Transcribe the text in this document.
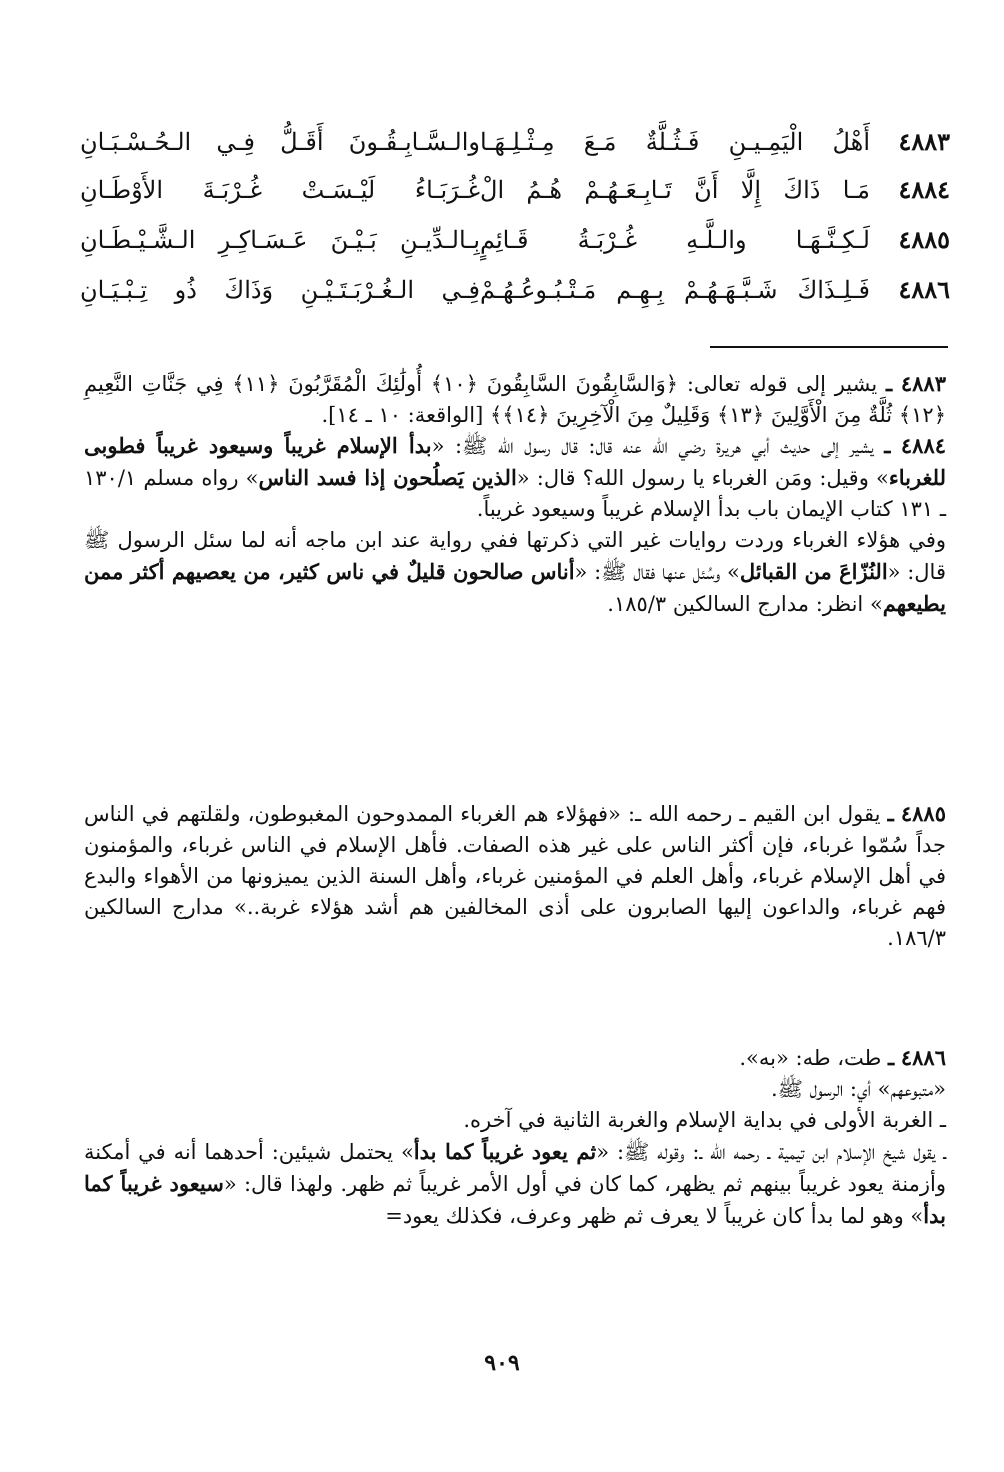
٤٨٨٣
أَهْلُ الْيَمِـيـنِ فَـثُـلَّةٌ مَـعَ مِـثْـلِـهَـا
والـسَّـابِـقُـونَ أَقَـلُّ فِـي الـحُـسْـبَـانِ
٤٨٨٤
مَـا ذَاكَ إِلَّا أَنَّ تَـابِـعَـهُـمْ هُـمُ الْ
غُـرَبَـاءُ لَيْـسَـتْ غُـرْبَـةَ الأَوْطَـانِ
٤٨٨٥
لَـكِـنَّـهَـا والـلَّـهِ غُـرْبَـةُ قَـائِمٍ
بِـالـدِّيـنِ بَـيْـنَ عَـسَـاكِـرِ الـشَّـيْـطَـانِ
٤٨٨٦
فَـلِـذَاكَ شَـبَّـهَـهُـمْ بِـهِـم مَـتْـبُـوعُـهُـمْ
فِـي الـغُـرْبَـتَـيْـنِ وَذَاكَ ذُو تِـبْـيَـانِ

٤٨٨٣ ـ يشير إلى قوله تعالى: ﴿وَالسَّابِقُونَ السَّابِقُونَ ﴿١٠﴾ أُولَٰئِكَ الْمُقَرَّبُونَ ﴿١١﴾ فِي جَنَّاتِ النَّعِيمِ ﴿١٢﴾ ثُلَّةٌ مِنَ الْأَوَّلِينَ ﴿١٣﴾ وَقَلِيلٌ مِنَ الْآخِرِينَ ﴿١٤﴾﴾ [الواقعة: ١٠ ـ ١٤].

٤٨٨٤ ـ يشير إلى حديث أبي هريرة رضي الله عنه قال: قال رسول الله ﷺ: «بدأ الإسلام غريباً وسيعود غريباً فطوبى للغرباء» وقيل: ومَن الغرباء يا رسول الله؟ قال: «الذين يَصلُحون إذا فسد الناس» رواه مسلم ١٣٠/١ ـ ١٣١ كتاب الإيمان باب بدأ الإسلام غريباً وسيعود غريباً.

وفي هؤلاء الغرباء وردت روايات غير التي ذكرتها ففي رواية عند ابن ماجه أنه لما سئل الرسول ﷺ قال: «النُزّاعَ من القبائل» وسُئل عنها فقال ﷺ: «أناس صالحون قليلٌ في ناس كثير، من يعصيهم أكثر ممن يطيعهم» انظر: مدارج السالكين ١٨٥/٣.

٤٨٨٥ ـ يقول ابن القيم ـ رحمه الله ـ: «فهؤلاء هم الغرباء الممدوحون المغبوطون، ولقلتهم في الناس جداً سُمّوا غرباء، فإن أكثر الناس على غير هذه الصفات. فأهل الإسلام في الناس غرباء، والمؤمنون في أهل الإسلام غرباء، وأهل العلم في المؤمنين غرباء، وأهل السنة الذين يميزونها من الأهواء والبدع فهم غرباء، والداعون إليها الصابرون على أذى المخالفين هم أشد هؤلاء غربة..» مدارج السالكين ١٨٦/٣.

٤٨٨٦ ـ طت، طه: «به».

«متبوعهم» أي: الرسول ﷺ.

ـ الغربة الأولى في بداية الإسلام والغربة الثانية في آخره.

ـ يقول شيخ الإسلام ابن تيمية ـ رحمه الله ـ: وقوله ﷺ: «ثم يعود غريباً كما بدأ» يحتمل شيئين: أحدهما أنه في أمكنة وأزمنة يعود غريباً بينهم ثم يظهر، كما كان في أول الأمر غريباً ثم ظهر. ولهذا قال: «سيعود غريباً كما بدأ» وهو لما بدأ كان غريباً لا يعرف ثم ظهر وعرف، فكذلك يعود=

٩٠٩
